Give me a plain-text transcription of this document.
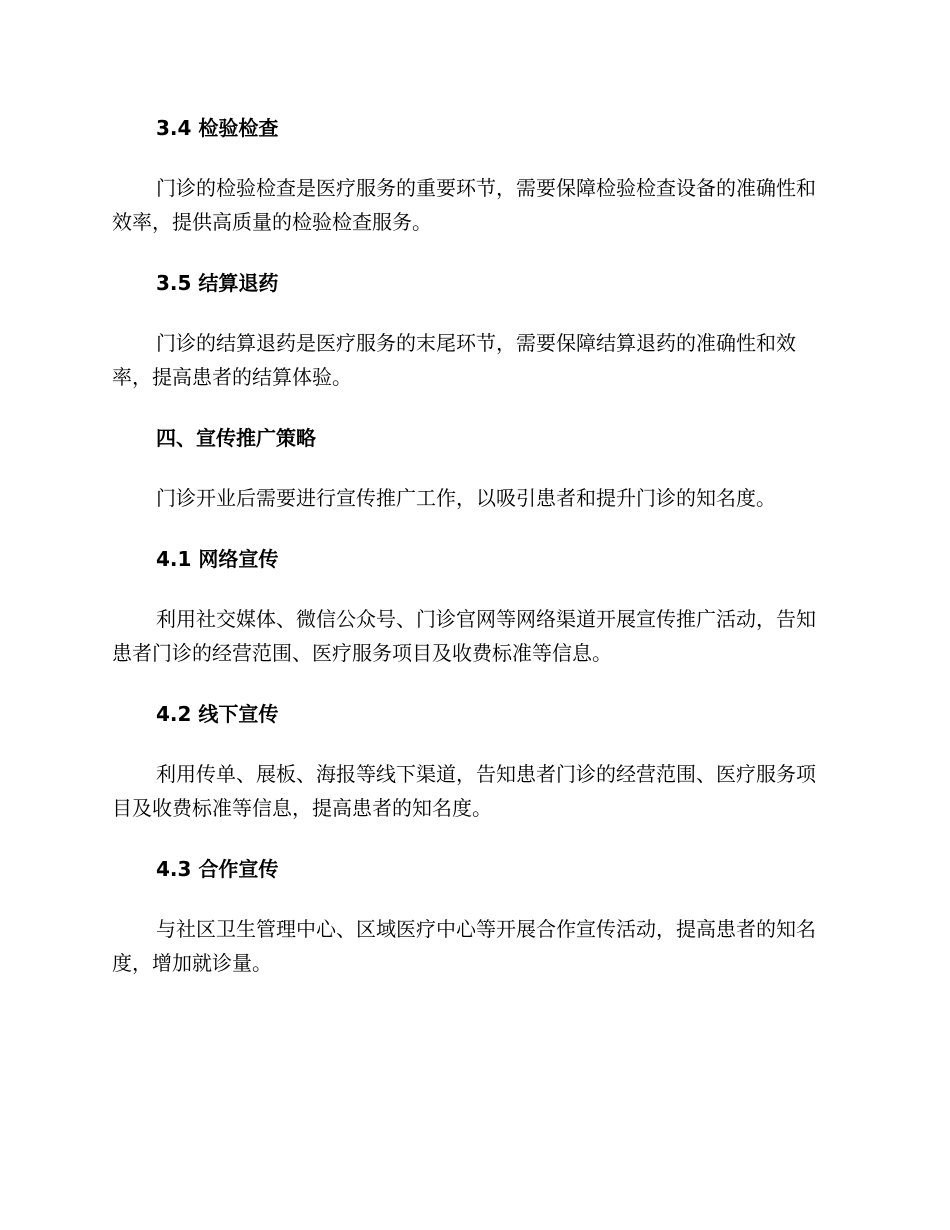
3.4 检验检查

门诊的检验检查是医疗服务的重要环节，需要保障检验检查设备的准确性和效率，提供高质量的检验检查服务。

3.5 结算退药

门诊的结算退药是医疗服务的末尾环节，需要保障结算退药的准确性和效率，提高患者的结算体验。

四、宣传推广策略

门诊开业后需要进行宣传推广工作，以吸引患者和提升门诊的知名度。

4.1 网络宣传

利用社交媒体、微信公众号、门诊官网等网络渠道开展宣传推广活动，告知患者门诊的经营范围、医疗服务项目及收费标准等信息。

4.2 线下宣传

利用传单、展板、海报等线下渠道，告知患者门诊的经营范围、医疗服务项目及收费标准等信息，提高患者的知名度。

4.3 合作宣传

与社区卫生管理中心、区域医疗中心等开展合作宣传活动，提高患者的知名度，增加就诊量。
